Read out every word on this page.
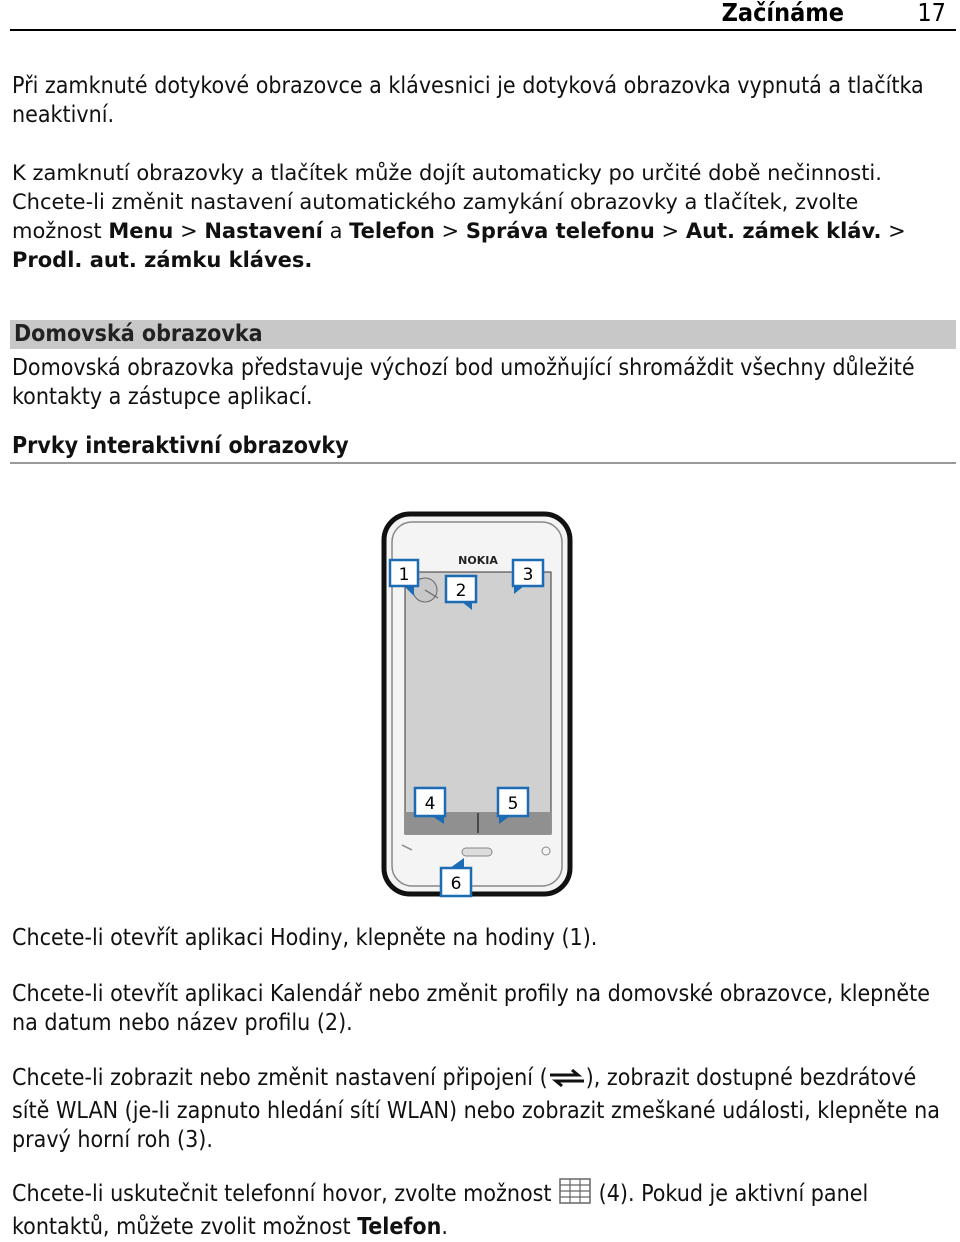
Začínáme	17
Při zamknuté dotykové obrazovce a klávesnici je dotyková obrazovka vypnutá a tlačítka neaktivní.
K zamknutí obrazovky a tlačítek může dojít automaticky po určité době nečinnosti.
Chcete-li změnit nastavení automatického zamykání obrazovky a tlačítek, zvolte
možnost Menu > Nastavení a Telefon > Správa telefonu > Aut. zámek kláv. >
Prodl. aut. zámku kláves.
Domovská obrazovka
Domovská obrazovka představuje výchozí bod umožňující shromáždit všechny důležité kontakty a zástupce aplikací.
Prvky interaktivní obrazovky
NOKIA
1
2
3
4	5
6
Chcete-li otevřít aplikaci Hodiny, klepněte na hodiny (1).
Chcete-li otevřít aplikaci Kalendář nebo změnit profily na domovské obrazovce, klepněte na datum nebo název profilu (2).
Chcete-li zobrazit nebo změnit nastavení připojení ( ), zobrazit dostupné bezdrátové sítě WLAN (je-li zapnuto hledání sítí WLAN) nebo zobrazit zmeškané události, klepněte na pravý horní roh (3).
Chcete-li uskutečnit telefonní hovor, zvolte možnost  (4). Pokud je aktivní panel kontaktů, můžete zvolit možnost Telefon.
